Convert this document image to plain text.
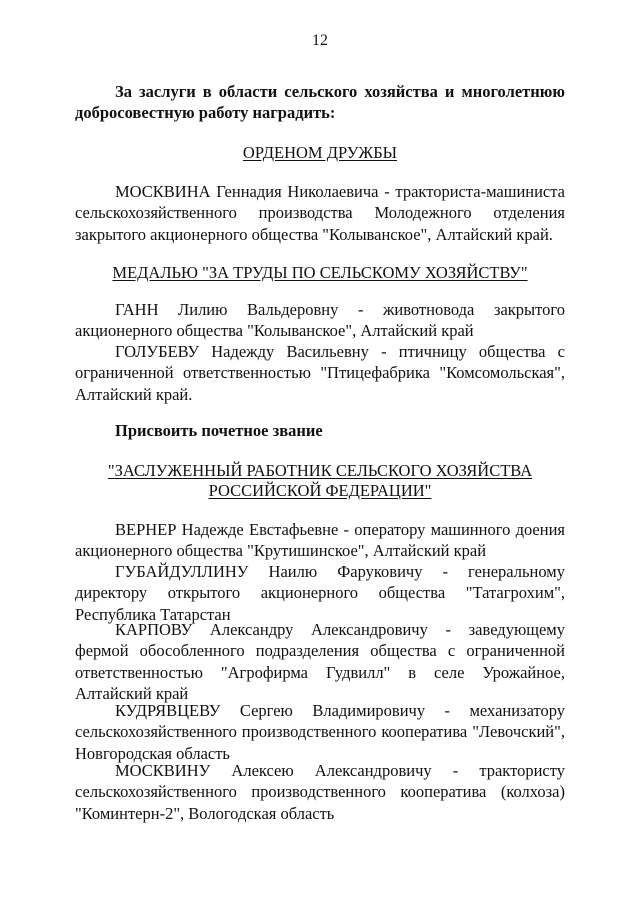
12
За заслуги в области сельского хозяйства и многолетнюю добросовестную работу наградить:
ОРДЕНОМ ДРУЖБЫ
МОСКВИНА Геннадия Николаевича - тракториста-машиниста сельскохозяйственного производства Молодежного отделения закрытого акционерного общества "Колыванское", Алтайский край.
МЕДАЛЬЮ "ЗА ТРУДЫ ПО СЕЛЬСКОМУ ХОЗЯЙСТВУ"
ГАНН Лилию Вальдеровну - животновода закрытого акционерного общества "Колыванское", Алтайский край
ГОЛУБЕВУ Надежду Васильевну - птичницу общества с ограниченной ответственностью "Птицефабрика "Комсомольская", Алтайский край.
Присвоить почетное звание
"ЗАСЛУЖЕННЫЙ РАБОТНИК СЕЛЬСКОГО ХОЗЯЙСТВА
РОССИЙСКОЙ ФЕДЕРАЦИИ"
ВЕРНЕР Надежде Евстафьевне - оператору машинного доения акционерного общества "Крутишинское", Алтайский край
ГУБАЙДУЛЛИНУ Наилю Фаруковичу - генеральному директору открытого акционерного общества "Татагрохим", Республика Татарстан
КАРПОВУ Александру Александровичу - заведующему фермой обособленного подразделения общества с ограниченной ответственностью "Агрофирма Гудвилл" в селе Урожайное, Алтайский край
КУДРЯВЦЕВУ Сергею Владимировичу - механизатору сельскохозяйственного производственного кооператива "Левочский", Новгородская область
МОСКВИНУ Алексею Александровичу - трактористу сельскохозяйственного производственного кооператива (колхоза) "Коминтерн-2", Вологодская область
